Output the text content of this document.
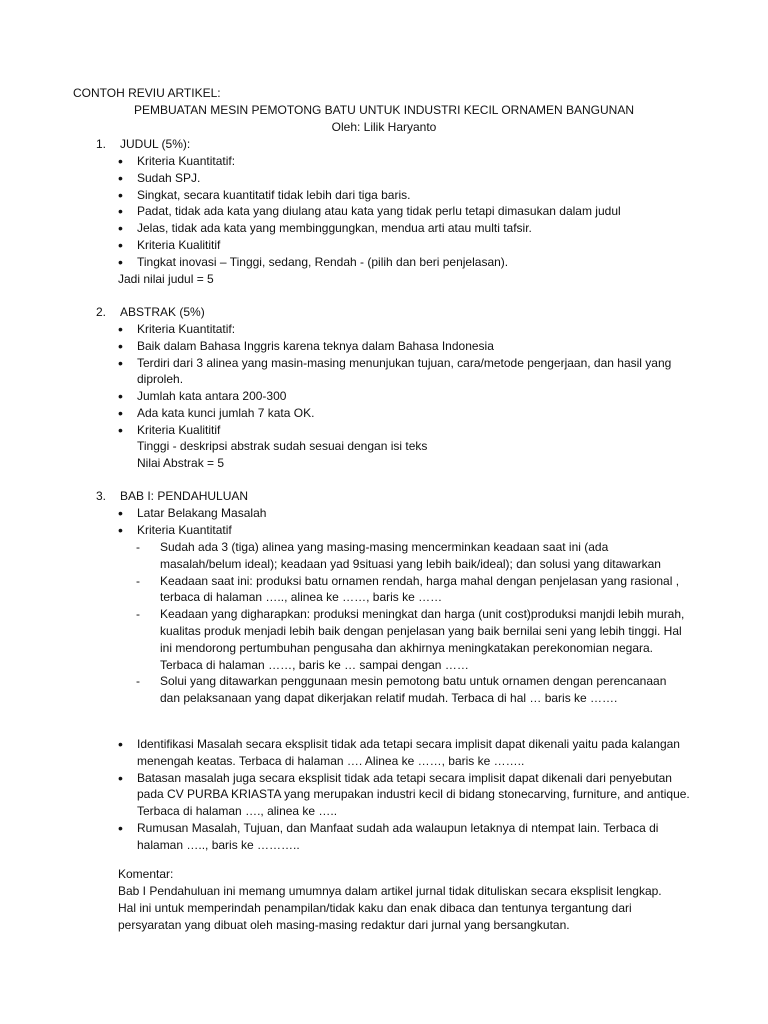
CONTOH REVIU ARTIKEL:
PEMBUATAN MESIN PEMOTONG BATU UNTUK INDUSTRI KECIL ORNAMEN BANGUNAN
Oleh: Lilik Haryanto
1. JUDUL (5%):
• Kriteria Kuantitatif:
• Sudah SPJ.
• Singkat, secara kuantitatif tidak lebih dari tiga baris.
• Padat, tidak ada kata yang diulang atau kata yang tidak perlu tetapi dimasukan dalam judul
• Jelas, tidak ada kata yang membinggungkan, mendua arti atau multi tafsir.
• Kriteria Kualititif
• Tingkat inovasi – Tinggi, sedang, Rendah - (pilih dan beri penjelasan).
Jadi nilai judul = 5
2. ABSTRAK (5%)
• Kriteria Kuantitatif:
• Baik dalam Bahasa Inggris karena teknya dalam Bahasa Indonesia
• Terdiri dari 3 alinea yang masin-masing menunjukan tujuan, cara/metode pengerjaan, dan hasil yang diproleh.
• Jumlah kata antara 200-300
• Ada kata kunci jumlah 7 kata OK.
• Kriteria Kualititif
Tinggi - deskripsi abstrak sudah sesuai dengan isi teks
Nilai Abstrak = 5
3. BAB I: PENDAHULUAN
• Latar Belakang Masalah
• Kriteria Kuantitatif
- Sudah ada 3 (tiga) alinea yang masing-masing mencerminkan keadaan saat ini (ada masalah/belum ideal); keadaan yad 9situasi yang lebih baik/ideal); dan solusi yang ditawarkan
- Keadaan saat ini: produksi batu ornamen rendah, harga mahal dengan penjelasan yang rasional , terbaca di halaman ….., alinea ke ……, baris ke ……
- Keadaan yang digharapkan: produksi meningkat dan harga (unit cost)produksi manjdi lebih murah, kualitas produk menjadi lebih baik dengan penjelasan yang baik bernilai seni yang lebih tinggi. Hal ini mendorong pertumbuhan pengusaha dan akhirnya meningkatakan perekonomian negara. Terbaca di halaman ……, baris ke … sampai dengan ……
- Solui yang ditawarkan penggunaan mesin pemotong batu untuk ornamen dengan perencanaan dan pelaksanaan yang dapat dikerjakan relatif mudah. Terbaca di hal … baris ke …….
• Identifikasi Masalah secara eksplisit tidak ada tetapi secara implisit dapat dikenali yaitu pada kalangan menengah keatas. Terbaca di halaman …. Alinea ke ……, baris ke ……..
• Batasan masalah juga secara eksplisit tidak ada tetapi secara implisit dapat dikenali dari penyebutan pada CV PURBA KRIASTA yang merupakan industri kecil di bidang stonecarving, furniture, and antique. Terbaca di halaman …., alinea ke …..
• Rumusan Masalah, Tujuan, dan Manfaat sudah ada walaupun letaknya di ntempat lain. Terbaca di halaman ….., baris ke ………..
Komentar:
Bab I Pendahuluan ini memang umumnya dalam artikel jurnal tidak dituliskan secara eksplisit lengkap. Hal ini untuk memperindah penampilan/tidak kaku dan enak dibaca dan tentunya tergantung dari persyaratan yang dibuat oleh masing-masing redaktur dari jurnal yang bersangkutan.
